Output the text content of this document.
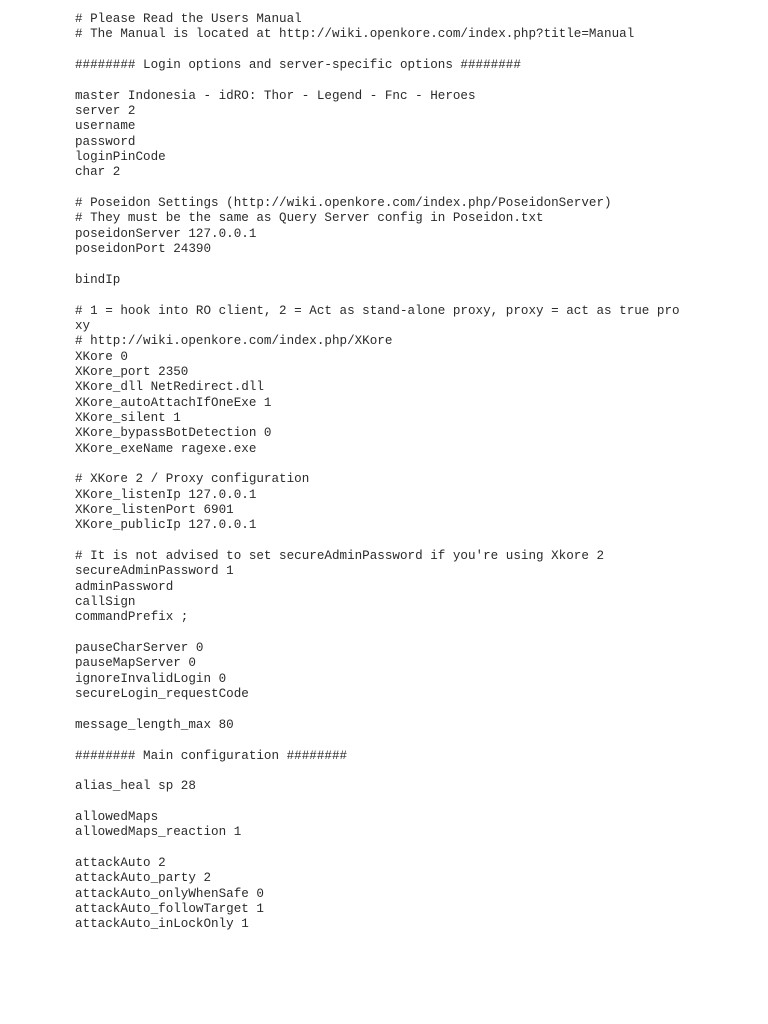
# Please Read the Users Manual
# The Manual is located at http://wiki.openkore.com/index.php?title=Manual
######## Login options and server-specific options ########
master Indonesia - idRO: Thor - Legend - Fnc - Heroes
server 2
username
password
loginPinCode
char 2
# Poseidon Settings (http://wiki.openkore.com/index.php/PoseidonServer)
# They must be the same as Query Server config in Poseidon.txt
poseidonServer 127.0.0.1
poseidonPort 24390
bindIp
# 1 = hook into RO client, 2 = Act as stand-alone proxy, proxy = act as true pro
xy
# http://wiki.openkore.com/index.php/XKore
XKore 0
XKore_port 2350
XKore_dll NetRedirect.dll
XKore_autoAttachIfOneExe 1
XKore_silent 1
XKore_bypassBotDetection 0
XKore_exeName ragexe.exe
# XKore 2 / Proxy configuration
XKore_listenIp 127.0.0.1
XKore_listenPort 6901
XKore_publicIp 127.0.0.1
# It is not advised to set secureAdminPassword if you're using Xkore 2
secureAdminPassword 1
adminPassword
callSign
commandPrefix ;
pauseCharServer 0
pauseMapServer 0
ignoreInvalidLogin 0
secureLogin_requestCode
message_length_max 80
######## Main configuration ########
alias_heal sp 28
allowedMaps
allowedMaps_reaction 1
attackAuto 2
attackAuto_party 2
attackAuto_onlyWhenSafe 0
attackAuto_followTarget 1
attackAuto_inLockOnly 1
